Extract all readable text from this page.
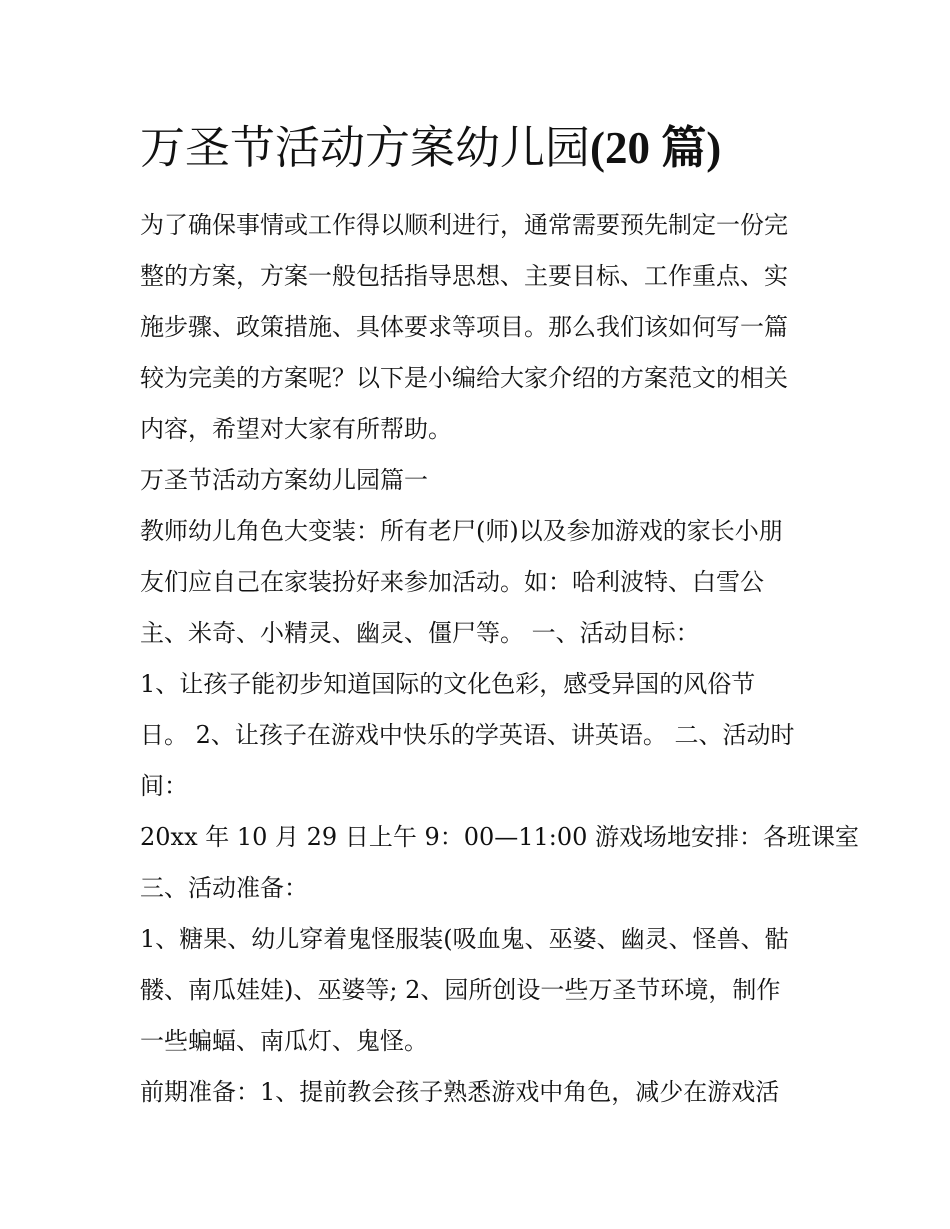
万圣节活动方案幼儿园(20 篇)
为了确保事情或工作得以顺利进行，通常需要预先制定一份完
整的方案，方案一般包括指导思想、主要目标、工作重点、实
施步骤、政策措施、具体要求等项目。那么我们该如何写一篇
较为完美的方案呢？以下是小编给大家介绍的方案范文的相关
内容，希望对大家有所帮助。
万圣节活动方案幼儿园篇一
教师幼儿角色大变装：所有老尸(师)以及参加游戏的家长小朋
友们应自己在家装扮好来参加活动。如：哈利波特、白雪公
主、米奇、小精灵、幽灵、僵尸等。 一、活动目标：
1、让孩子能初步知道国际的文化色彩，感受异国的风俗节
日。 2、让孩子在游戏中快乐的学英语、讲英语。 二、活动时
间：
20xx 年 10 月 29 日上午 9：00—11:00 游戏场地安排：各班课室
三、活动准备：
1、糖果、幼儿穿着鬼怪服装(吸血鬼、巫婆、幽灵、怪兽、骷
髅、南瓜娃娃)、巫婆等; 2、园所创设一些万圣节环境，制作
一些蝙蝠、南瓜灯、鬼怪。
前期准备：1、提前教会孩子熟悉游戏中角色，减少在游戏活
